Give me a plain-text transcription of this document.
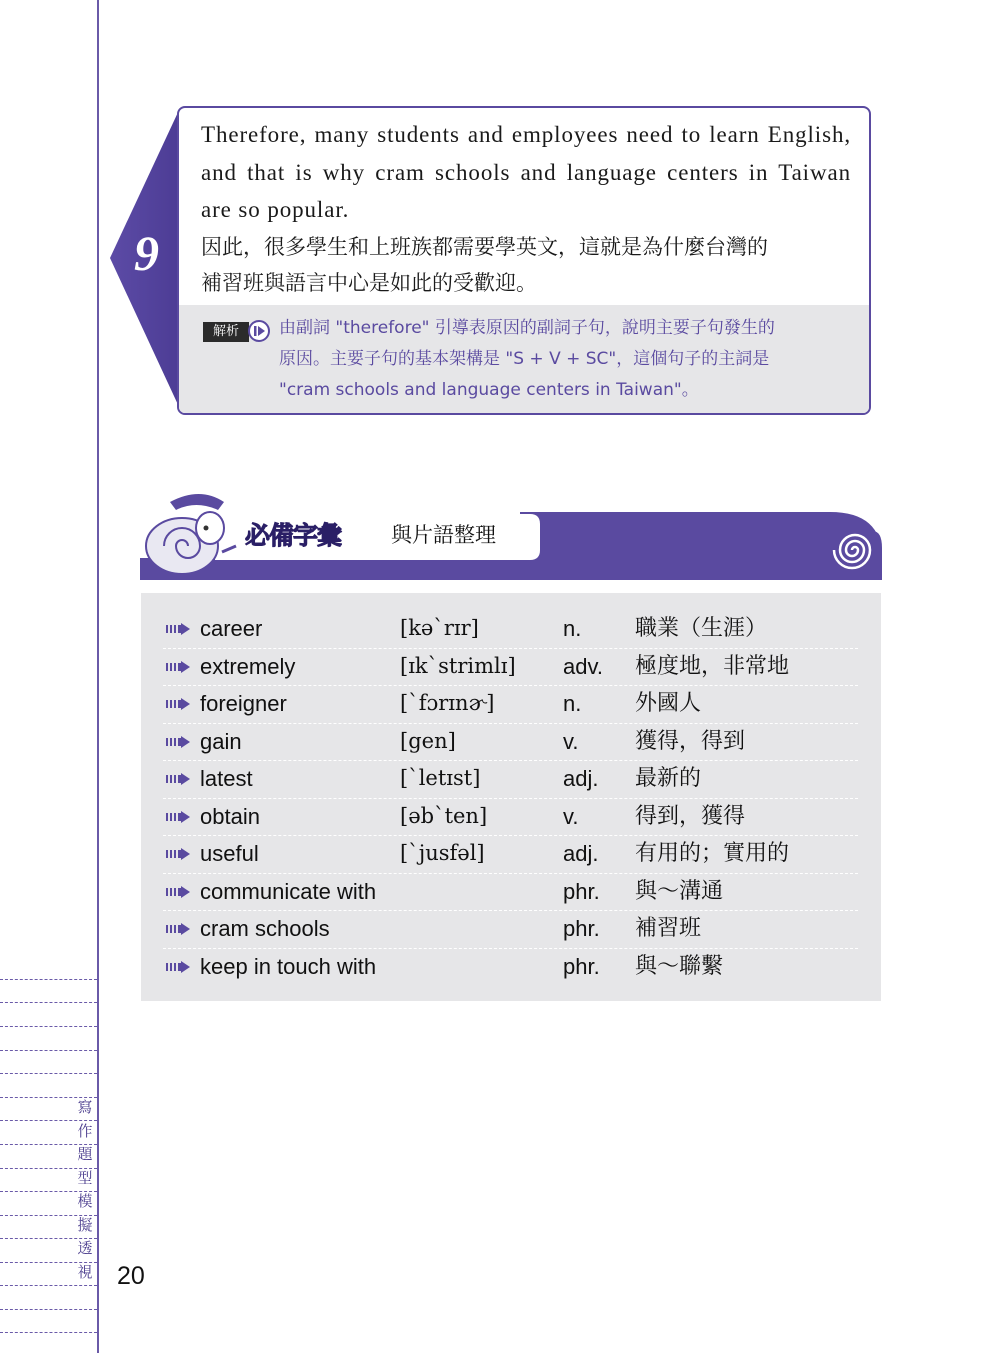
寫
作
題
型
模
擬
透
視 20

Therefore, many students and employees need to learn English, and that is why cram schools and language centers in Taiwan are so popular.

因此，很多學生和上班族都需要學英文，這就是為什麼台灣的

補習班與語言中心是如此的受歡迎。

解析	由副詞 "therefore" 引導表原因的副詞子句，說明主要子句發生的

原因。主要子句的基本架構是 "S + V + SC"，這個句子的主詞是

"cram schools and language centers in Taiwan"。

9
必備字彙 與片語整理
career	[kəˋrɪr]	n. 職業（生涯）
extremely	[ɪkˋstrimlɪ] adv. 極度地，非常地
foreigner	[ˋfɔrɪnɚ]	n. 外國人
gain	[gen]	v.	獲得，得到
latest	[ˋletɪst]	adj. 最新的
obtain	[əbˋten]	v.	得到，獲得
useful	[ˋjusfəl]	adj. 有用的；實用的
communicate with	phr. 與～溝通
cram schools	phr. 補習班
keep in touch with	phr. 與～聯繫
